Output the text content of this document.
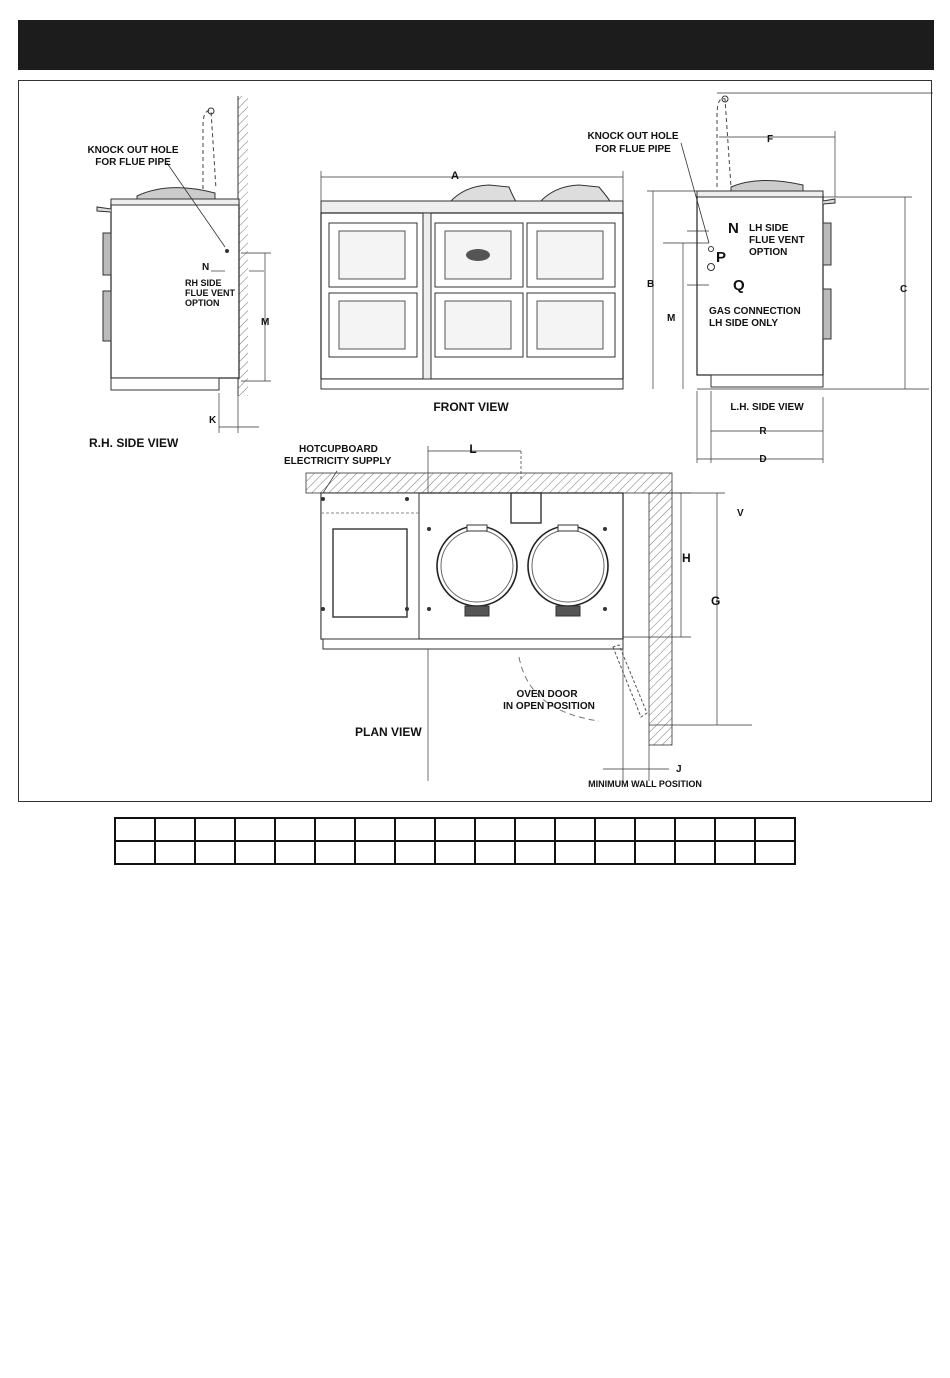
KNOCK OUT HOLE
FOR FLUE PIPE
RH SIDE
FLUE VENT
OPTION
N
M
K
R.H. SIDE VIEW
A
FRONT VIEW
KNOCK OUT HOLE
FOR FLUE PIPE
F
N LH SIDE
FLUE VENT
OPTION
P
Q
GAS CONNECTION
LH SIDE ONLY
B
M
C
L.H. SIDE VIEW
R
D
HOTCUPBOARD
ELECTRICITY SUPPLY
L
V
H
G
OVEN DOOR
IN OPEN POSITION
PLAN VIEW
J
MINIMUM WALL POSITION
